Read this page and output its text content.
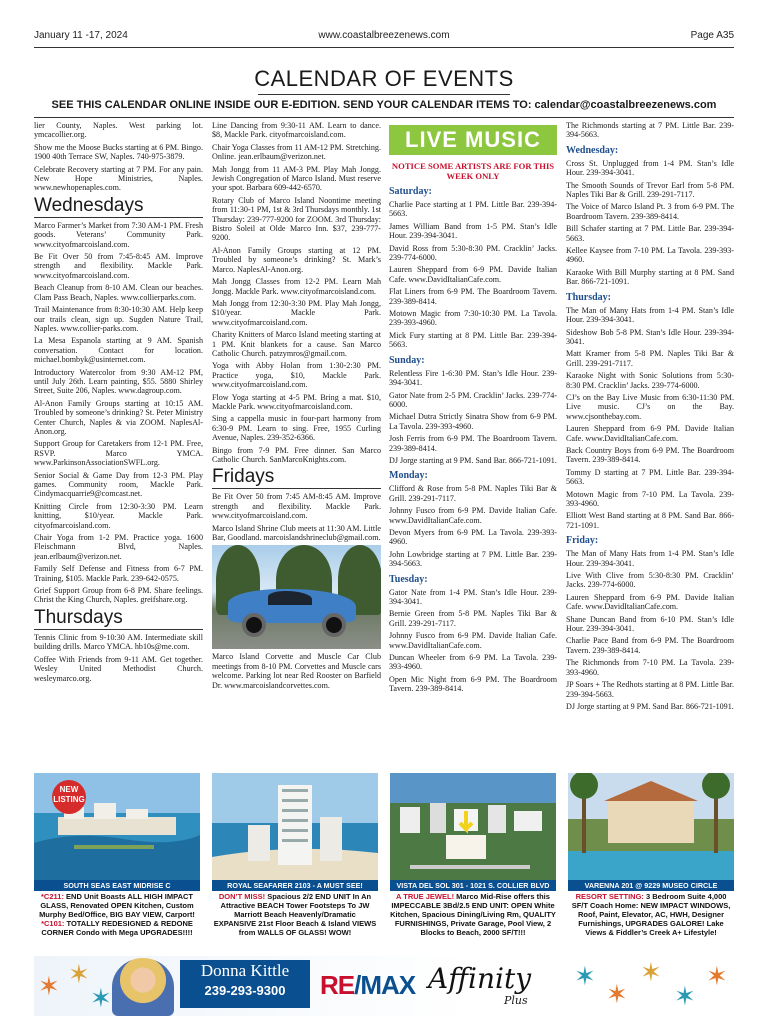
January 11 -17, 2024	www.coastalbreezenews.com	Page A35
CALENDAR OF EVENTS
SEE THIS CALENDAR ONLINE INSIDE OUR E-EDITION. SEND YOUR CALENDAR ITEMS TO: calendar@coastalbreezenews.com

lier County, Naples. West parking lot. ymcacollier.org.

Show me the Moose Bucks starting at 6 PM. Bingo. 1900 40th Terrace SW, Naples. 740-975-3879.

Celebrate Recovery starting at 7 PM. For any pain. New Hope Ministries, Naples. www.newhopenaples.com.

Wednesdays

Marco Farmer’s Market from 7:30 AM-1 PM. Fresh goods. Veterans’ Community Park. www.cityofmarcoisland.com.

Be Fit Over 50 from 7:45-8:45 AM. Improve strength and flexibility. Mackle Park. www.cityofmarcoisland.com.

Beach Cleanup from 8-10 AM. Clean our beaches. Clam Pass Beach, Naples. www.collierparks.com.

Trail Maintenance from 8:30-10:30 AM. Help keep our trails clean, sign up. Sugden Nature Trail, Naples. www.collier-parks.com.

La Mesa Espanola starting at 9 AM. Spanish conversation. Contact for location. michael.bombyk@usinternet.com.

Introductory Watercolor from 9:30 AM-12 PM, until July 26th. Learn painting, $55. 5880 Shirley Street, Suite 206, Naples. www.dagroup.com.

Al-Anon Family Groups starting at 10:15 AM. Troubled by someone’s drinking? St. Peter Ministry Center Church, Naples & via ZOOM. NaplesAl-Anon.org.

Support Group for Caretakers from 12-1 PM. Free, RSVP. Marco YMCA. www.ParkinsonAssociationSWFL.org.

Senior Social & Game Day from 12-3 PM. Play games. Community room, Mackle Park. Cindymacquarrie9@comcast.net.

Knitting Circle from 12:30-3:30 PM. Learn knitting, $10/year. Mackle Park. cityofmarcoisland.com.

Chair Yoga from 1-2 PM. Practice yoga. 1600 Fleischmann Blvd, Naples. jean.erlbaum@verizon.net.

Family Self Defense and Fitness from 6-7 PM. Training, $105. Mackle Park. 239-642-0575.

Grief Support Group from 6-8 PM. Share feelings. Christ the King Church, Naples. greifshare.org.

Thursdays

Tennis Clinic from 9-10:30 AM. Intermediate skill building drills. Marco YMCA. hb10s@me.com.

Coffee With Friends from 9-11 AM. Get together. Wesley United Methodist Church. wesleymarco.org.

Line Dancing from 9:30-11 AM. Learn to dance. $8, Mackle Park. cityofmarcoisland.com.

Chair Yoga Classes from 11 AM-12 PM. Stretching. Online. jean.erlbaum@verizon.net.

Mah Jongg from 11 AM-3 PM. Play Mah Jongg. Jewish Congregation of Marco Island. Must reserve your spot. Barbara 609-442-6570.

Rotary Club of Marco Island Noontime meeting from 11:30-1 PM, 1st & 3rd Thursdays monthly. 1st Thursday: 239-777-9200 for ZOOM. 3rd Thursday: Bistro Soleil at Olde Marco Inn. $37, 239-777-9200.

Al-Anon Family Groups starting at 12 PM. Troubled by someone’s drinking? St. Mark’s Marco. NaplesAl-Anon.org.

Mah Jongg Classes from 12-2 PM. Learn Mah Jongg. Mackle Park. www.cityofmarcoisland.com.

Mah Jongg from 12:30-3:30 PM. Play Mah Jongg, $10/year. Mackle Park. www.cityofmarcoisland.com.

Charity Knitters of Marco Island meeting starting at 1 PM. Knit blankets for a cause. San Marco Catholic Church. patzymros@gmail.com.

Yoga with Abby Holan from 1:30-2:30 PM. Practice yoga, $10, Mackle Park. www.cityofmarcoisland.com.

Flow Yoga starting at 4-5 PM. Bring a mat. $10, Mackle Park. www.cityofmarcoisland.com.

Sing a cappella music in four-part harmony from 6:30-9 PM. Learn to sing. Free, 1955 Curling Avenue, Naples. 239-352-6366.

Bingo from 7-9 PM. Free dinner. San Marco Catholic Church. SanMarcoKnights.com.

Fridays

Be Fit Over 50 from 7:45 AM-8:45 AM. Improve strength and flexibility. Mackle Park. www.cityofmarcoisland.com.

Marco Island Shrine Club meets at 11:30 AM. Little Bar, Goodland. marcoislandshrineclub@gmail.com.

Marco Island Corvette and Muscle Car Club meetings from 8-10 PM. Corvettes and Muscle cars welcome. Parking lot near Red Rooster on Barfield Dr. www.marcoislandcorvettes.com.

LIVE MUSIC
NOTICE SOME ARTISTS ARE FOR THIS WEEK ONLY
Saturday:

Charlie Pace starting at 1 PM. Little Bar. 239-394-5663.

James William Band from 1-5 PM. Stan’s Idle Hour. 239-394-3041.

David Ross from 5:30-8:30 PM. Cracklin’ Jacks. 239-774-6000.

Lauren Sheppard from 6-9 PM. Davide Italian Cafe. www.DavidItalianCafe.com.

Flat Liners from 6-9 PM. The Boardroom Tavern. 239-389-8414.

Motown Magic from 7:30-10:30 PM. La Tavola. 239-393-4960.

Mick Fury starting at 8 PM. Little Bar. 239-394-5663.

Sunday:

Relentless Fire 1-6:30 PM. Stan’s Idle Hour. 239-394-3041.

Gator Nate from 2-5 PM. Cracklin’ Jacks. 239-774-6000.

Michael Dutra Strictly Sinatra Show from 6-9 PM. La Tavola. 239-393-4960.

Josh Ferris from 6-9 PM. The Boardroom Tavern. 239-389-8414.

DJ Jorge starting at 9 PM. Sand Bar. 866-721-1091.

Monday:

Clifford & Rose from 5-8 PM. Naples Tiki Bar & Grill. 239-291-7117.

Johnny Fusco from 6-9 PM. Davide Italian Cafe. www.DavidItalianCafe.com.

Devon Myers from 6-9 PM. La Tavola. 239-393-4960.

John Lowbridge starting at 7 PM. Little Bar. 239-394-5663.

Tuesday:

Gator Nate from 1-4 PM. Stan’s Idle Hour. 239-394-3041.

Bernie Green from 5-8 PM. Naples Tiki Bar & Grill. 239-291-7117.

Johnny Fusco from 6-9 PM. Davide Italian Cafe. www.DavidItalianCafe.com.

Duncan Wheeler from 6-9 PM. La Tavola. 239-393-4960.

Open Mic Night from 6-9 PM. The Boardroom Tavern. 239-389-8414.

The Richmonds starting at 7 PM. Little Bar. 239-394-5663.

Wednesday:

Cross St. Unplugged from 1-4 PM. Stan’s Idle Hour. 239-394-3041.

The Smooth Sounds of Trevor Earl from 5-8 PM. Naples Tiki Bar & Grill. 239-291-7117.

The Voice of Marco Island Pt. 3 from 6-9 PM. The Boardroom Tavern. 239-389-8414.

Bill Schafer starting at 7 PM. Little Bar. 239-394-5663.

Kellee Kaysee from 7-10 PM. La Tavola. 239-393-4960.

Karaoke With Bill Murphy starting at 8 PM. Sand Bar. 866-721-1091.

Thursday:

The Man of Many Hats from 1-4 PM. Stan’s Idle Hour. 239-394-3041.

Sideshow Bob 5-8 PM. Stan’s Idle Hour. 239-394-3041.

Matt Kramer from 5-8 PM. Naples Tiki Bar & Grill. 239-291-7117.

Karaoke Night with Sonic Solutions from 5:30-8:30 PM. Cracklin’ Jacks. 239-774-6000.

CJ’s on the Bay Live Music from 6:30-11:30 PM. Live music. CJ’s on the Bay. www.cjsonthebay.com.

Lauren Sheppard from 6-9 PM. Davide Italian Cafe. www.DavidItalianCafe.com.

Back Country Boys from 6-9 PM. The Boardroom Tavern. 239-389-8414.

Tommy D starting at 7 PM. Little Bar. 239-394-5663.

Motown Magic from 7-10 PM. La Tavola. 239-393-4960.

Elliott West Band starting at 8 PM. Sand Bar. 866-721-1091.

Friday:

The Man of Many Hats from 1-4 PM. Stan’s Idle Hour. 239-394-3041.

Live With Clive from 5:30-8:30 PM. Cracklin’ Jacks. 239-774-6000.

Lauren Sheppard from 6-9 PM. Davide Italian Cafe. www.DavidItalianCafe.com.

Shane Duncan Band from 6-10 PM. Stan’s Idle Hour. 239-394-3041.

Charlie Pace Band from 6-9 PM. The Boardroom Tavern. 239-389-8414.

The Richmonds from 7-10 PM. La Tavola. 239-393-4960.

JP Soars + The Redhots starting at 8 PM. Little Bar. 239-394-5663.

DJ Jorge starting at 9 PM. Sand Bar. 866-721-1091.

NEW LISTING
SOUTH SEAS EAST MIDRISE C	ROYAL SEAFARER 2103 - A MUST SEE!	VISTA DEL SOL 301 - 1021 S. COLLIER BLVD	VARENNA 201 @ 9229 MUSEO CIRCLE
*C211: END Unit Boasts ALL HIGH IMPACT GLASS, Renovated OPEN Kitchen, Custom Murphy Bed/Office, BIG BAY VIEW, Carport! *C101: TOTALLY REDESIGNED & REDONE CORNER Condo with Mega UPGRADES!!!!
DON’T MISS! Spacious 2/2 END UNIT In An Attractive BEACH Tower Footsteps To JW Marriott Beach Heavenly/Dramatic EXPANSIVE 21st Floor Beach & Island VIEWS from WALLS OF GLASS! WOW!
A TRUE JEWEL! Marco Mid-Rise offers this IMPECCABLE 3Bd/2.5 END UNIT: OPEN White Kitchen, Spacious Dining/Living Rm, QUALITY FURNISHINGS, Private Garage, Pool View, 2 Blocks to Beach, 2000 SF/T!!!
RESORT SETTING: 3 Bedroom Suite 4,000 SF/T Coach Home: NEW IMPACT WINDOWS, Roof, Paint, Elevator, AC, HWH, Designer Furnishings, UPGRADES GALORE! Lake Views & Fiddler’s Creek A+ Lifestyle!
✶ ✶
✶
Donna Kittle
239-293-9300	RE/MAX Affinity
Plus
✶
✶
✶
✶
✶
